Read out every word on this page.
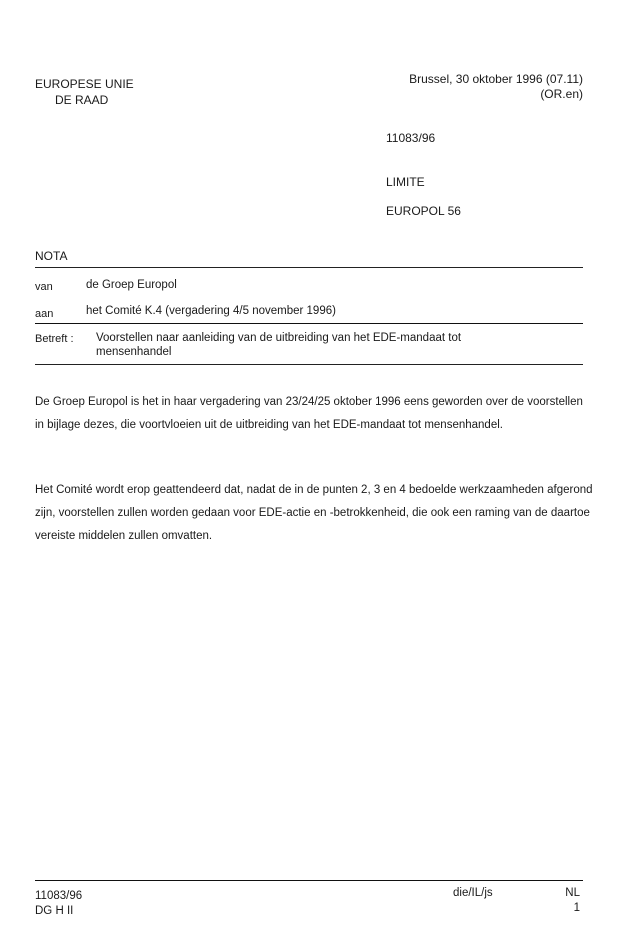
EUROPESE UNIE
DE RAAD
Brussel, 30 oktober 1996 (07.11)
(OR.en)
11083/96
LIMITE
EUROPOL 56
NOTA
van	de Groep Europol
aan	het Comité K.4 (vergadering 4/5 november 1996)
Betreft : Voorstellen naar aanleiding van de uitbreiding van het EDE-mandaat tot mensenhandel
De Groep Europol is het in haar vergadering van 23/24/25 oktober 1996 eens geworden over de voorstellen in bijlage dezes, die voortvloeien uit de uitbreiding van het EDE-mandaat tot mensenhandel.
Het Comité wordt erop geattendeerd dat, nadat de in de punten 2, 3 en 4 bedoelde werkzaamheden afgerond zijn, voorstellen zullen worden gedaan voor EDE-actie en -betrokkenheid, die ook een raming van de daartoe vereiste middelen zullen omvatten.
11083/96
DG H II
die/IL/js	NL
1
